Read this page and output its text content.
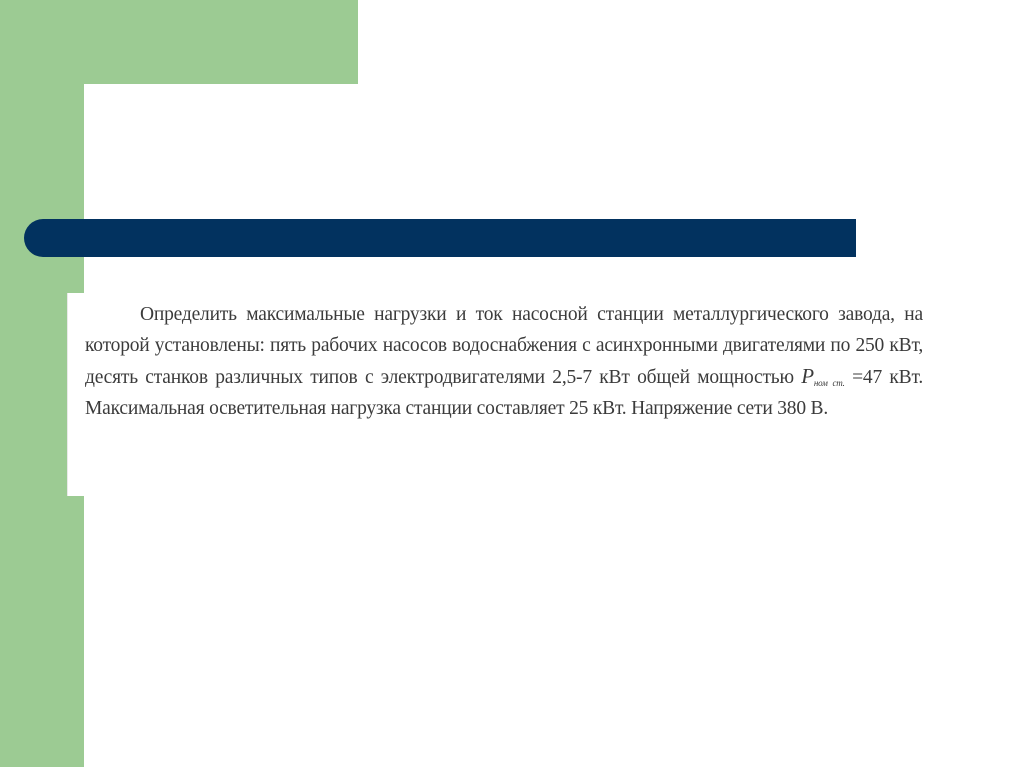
Определить максимальные нагрузки и ток насосной станции металлургического завода, на которой установлены: пять рабочих насосов водоснабжения с асинхронными двигателями по 250 кВт, десять станков различных типов с электродвигателями 2,5-7 кВт общей мощностью $P_{ном ст.} =47$ кВт. Максимальная осветительная нагрузка станции составляет 25 кВт. Напряжение сети 380 В.
